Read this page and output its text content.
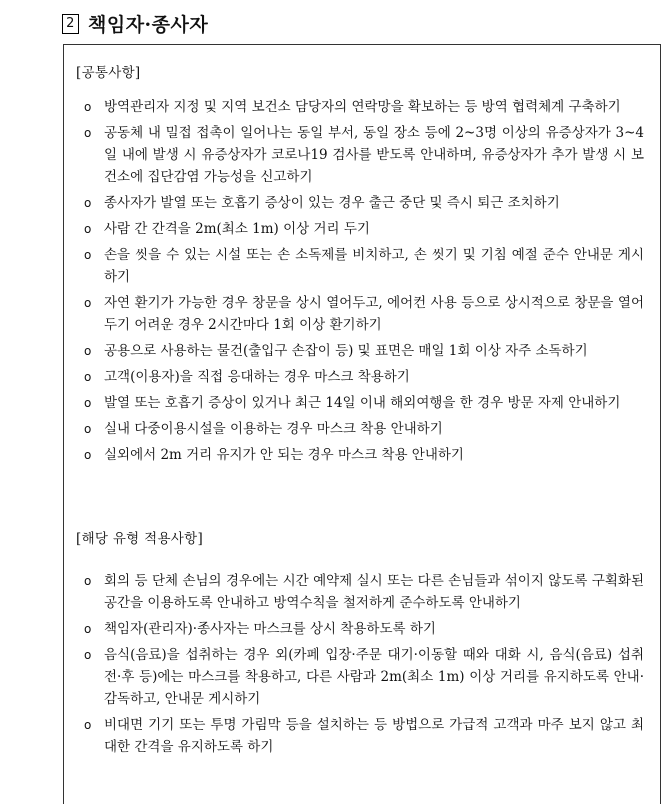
2 책임자·종사자
[공통사항]
o 방역관리자 지정 및 지역 보건소 담당자의 연락망을 확보하는 등 방역 협력체계 구축하기
o 공동체 내 밀접 접촉이 일어나는 동일 부서, 동일 장소 등에 2~3명 이상의 유증상자가 3~4일 내에 발생 시 유증상자가 코로나19 검사를 받도록 안내하며, 유증상자가 추가 발생 시 보건소에 집단감염 가능성을 신고하기
o 종사자가 발열 또는 호흡기 증상이 있는 경우 출근 중단 및 즉시 퇴근 조치하기
o 사람 간 간격을 2m(최소 1m) 이상 거리 두기
o 손을 씻을 수 있는 시설 또는 손 소독제를 비치하고, 손 씻기 및 기침 예절 준수 안내문 게시하기
o 자연 환기가 가능한 경우 창문을 상시 열어두고, 에어컨 사용 등으로 상시적으로 창문을 열어두기 어려운 경우 2시간마다 1회 이상 환기하기
o 공용으로 사용하는 물건(출입구 손잡이 등) 및 표면은 매일 1회 이상 자주 소독하기
o 고객(이용자)을 직접 응대하는 경우 마스크 착용하기
o 발열 또는 호흡기 증상이 있거나 최근 14일 이내 해외여행을 한 경우 방문 자제 안내하기
o 실내 다중이용시설을 이용하는 경우 마스크 착용 안내하기
o 실외에서 2m 거리 유지가 안 되는 경우 마스크 착용 안내하기
[해당 유형 적용사항]
o 회의 등 단체 손님의 경우에는 시간 예약제 실시 또는 다른 손님들과 섞이지 않도록 구획화된 공간을 이용하도록 안내하고 방역수칙을 철저하게 준수하도록 안내하기
o 책임자(관리자)·종사자는 마스크를 상시 착용하도록 하기
o 음식(음료)을 섭취하는 경우 외(카페 입장·주문 대기·이동할 때와 대화 시, 음식(음료) 섭취 전·후 등)에는 마스크를 착용하고, 다른 사람과 2m(최소 1m) 이상 거리를 유지하도록 안내·감독하고, 안내문 게시하기
o 비대면 기기 또는 투명 가림막 등을 설치하는 등 방법으로 가급적 고객과 마주 보지 않고 최대한 간격을 유지하도록 하기
